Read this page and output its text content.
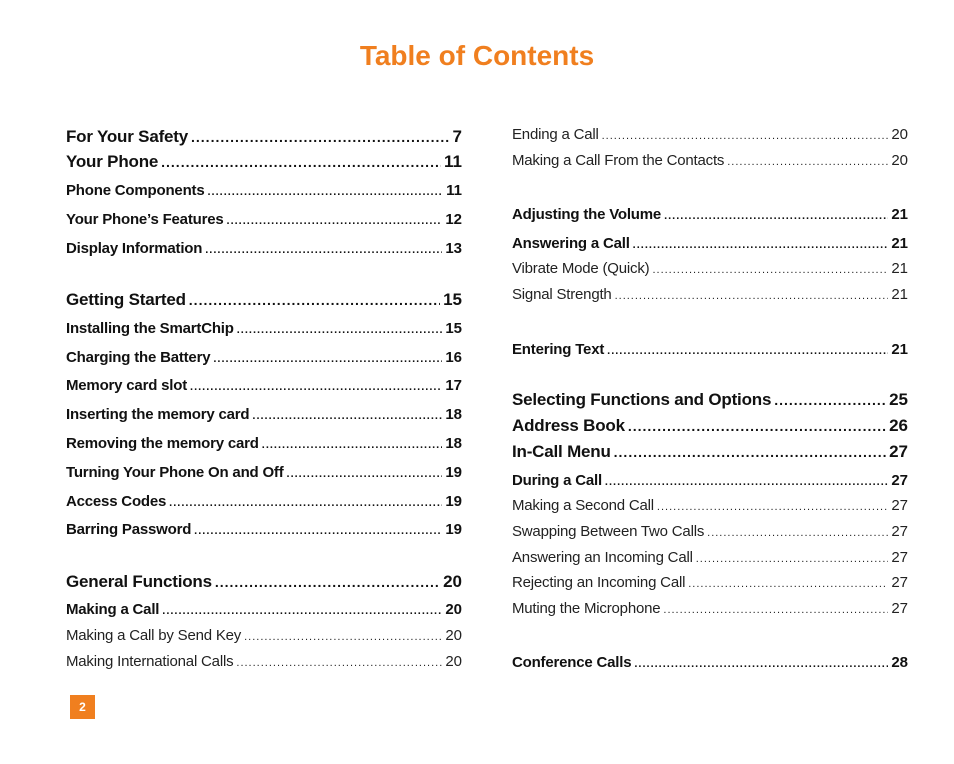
Table of Contents
For Your Safety .....	7
Your Phone .....	11
Phone Components .....	11
Your Phone’s Features .....	12
Display Information .....	13
Getting Started .....	15
Installing the SmartChip .....	15
Charging the Battery .....	16
Memory card slot .....	17
Inserting the memory card .....	18
Removing the memory card .....	18
Turning Your Phone On and Off .....	19
Access Codes .....	19
Barring Password .....	19
General Functions .....	20
Making a Call .....	20
Making a Call by Send Key .....	20
Making International Calls .....	20
Ending a Call .....	20
Making a Call From the Contacts .....	20
Adjusting the Volume .....	21
Answering a Call .....	21
Vibrate Mode (Quick) .....	21
Signal Strength .....	21
Entering Text .....	21
Selecting Functions and Options .....	25
Address Book .....	26
In-Call Menu .....	27
During a Call .....	27
Making a Second Call .....	27
Swapping Between Two Calls .....	27
Answering an Incoming Call .....	27
Rejecting an Incoming Call .....	27
Muting the Microphone .....	27
Conference Calls .....	28
2
